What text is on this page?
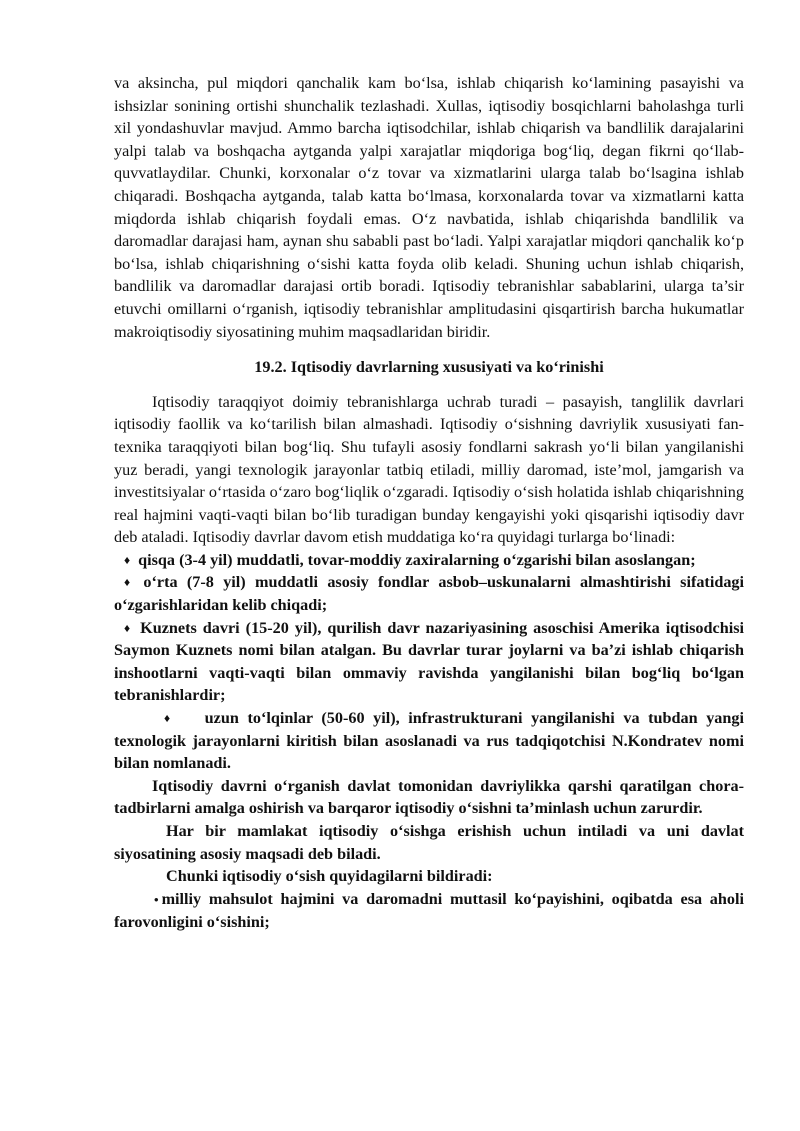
va aksincha, pul miqdori qanchalik kam bo‘lsa, ishlab chiqarish ko‘lamining pasayishi va ishsizlar sonining ortishi shunchalik tezlashadi. Xullas, iqtisodiy bosqichlarni baholashga turli xil yondashuvlar mavjud. Ammo barcha iqtisodchilar, ishlab chiqarish va bandlilik darajalarini yalpi talab va boshqacha aytganda yalpi xarajatlar miqdoriga bog‘liq, degan fikrni qo‘llab-quvvatlaydilar. Chunki, korxonalar o‘z tovar va xizmatlarini ularga talab bo‘lsagina ishlab chiqaradi. Boshqacha aytganda, talab katta bo‘lmasa, korxonalarda tovar va xizmatlarni katta miqdorda ishlab chiqarish foydali emas. O‘z navbatida, ishlab chiqarishda bandlilik va daromadlar darajasi ham, aynan shu sababli past bo‘ladi. Yalpi xarajatlar miqdori qanchalik ko‘p bo‘lsa, ishlab chiqarishning o‘sishi katta foyda olib keladi. Shuning uchun ishlab chiqarish, bandlilik va daromadlar darajasi ortib boradi. Iqtisodiy tebranishlar sabablarini, ularga ta’sir etuvchi omillarni o‘rganish, iqtisodiy tebranishlar amplitudasini qisqartirish barcha hukumatlar makroiqtisodiy siyosatining muhim maqsadlaridan biridir.

19.2. Iqtisodiy davrlarning xususiyati va ko‘rinishi

Iqtisodiy taraqqiyot doimiy tebranishlarga uchrab turadi – pasayish, tanglilik davrlari iqtisodiy faollik va ko‘tarilish bilan almashadi. Iqtisodiy o‘sishning davriylik xususiyati fan-texnika taraqqiyoti bilan bog‘liq. Shu tufayli asosiy fondlarni sakrash yo‘li bilan yangilanishi yuz beradi, yangi texnologik jarayonlar tatbiq etiladi, milliy daromad, iste’mol, jamgarish va investitsiyalar o‘rtasida o‘zaro bog‘liqlik o‘zgaradi. Iqtisodiy o‘sish holatida ishlab chiqarishning real hajmini vaqti-vaqti bilan bo‘lib turadigan bunday kengayishi yoki qisqarishi iqtisodiy davr deb ataladi. Iqtisodiy davrlar davom etish muddatiga ko‘ra quyidagi turlarga bo‘linadi:

♦ qisqa (3-4 yil) muddatli, tovar-moddiy zaxiralarning o‘zgarishi bilan asoslangan;

♦ o‘rta (7-8 yil) muddatli asosiy fondlar asbob–uskunalarni almashtirishi sifatidagi o‘zgarishlaridan kelib chiqadi;

♦ Kuznets davri (15-20 yil), qurilish davr nazariyasining asoschisi Amerika iqtisodchisi Saymon Kuznets nomi bilan atalgan. Bu davrlar turar joylarni va ba’zi ishlab chiqarish inshootlarni vaqti-vaqti bilan ommaviy ravishda yangilanishi bilan bog‘liq bo‘lgan tebranishlardir;

♦ uzun to‘lqinlar (50-60 yil), infrastrukturani yangilanishi va tubdan yangi texnologik jarayonlarni kiritish bilan asoslanadi va rus tadqiqotchisi N.Kondratev nomi bilan nomlanadi.

Iqtisodiy davrni o‘rganish davlat tomonidan davriylikka qarshi qaratilgan chora-tadbirlarni amalga oshirish va barqaror iqtisodiy o‘sishni ta’minlash uchun zarurdir.

Har bir mamlakat iqtisodiy o‘sishga erishish uchun intiladi va uni davlat siyosatining asosiy maqsadi deb biladi.

Chunki iqtisodiy o‘sish quyidagilarni bildiradi:

• milliy mahsulot hajmini va daromadni muttasil ko‘payishini, oqibatda esa aholi farovonligini o‘sishini;
